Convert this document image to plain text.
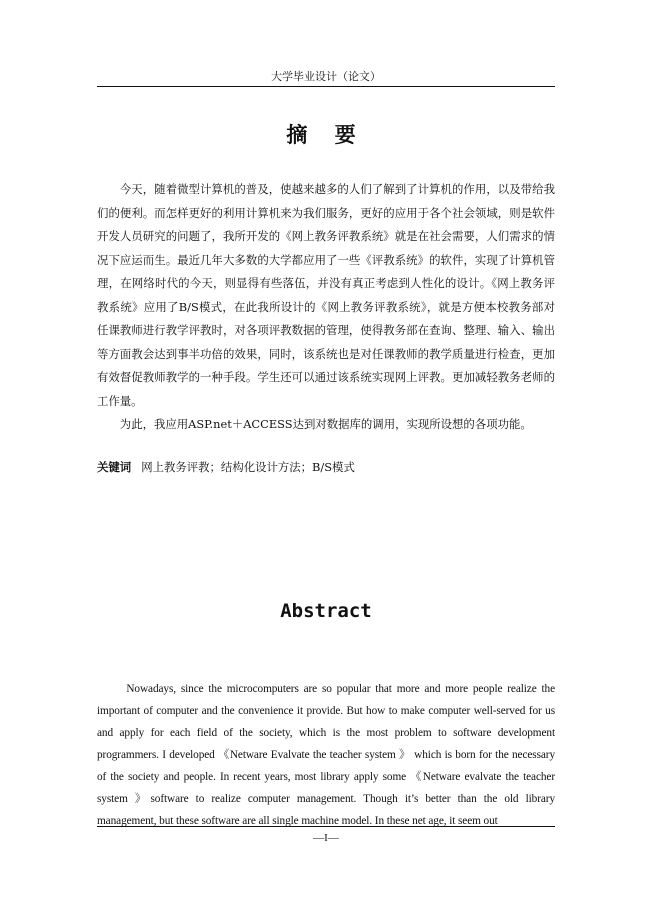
大学毕业设计（论文）
摘 要

今天，随着微型计算机的普及，使越来越多的人们了解到了计算机的作用，以及带给我们的便利。而怎样更好的利用计算机来为我们服务，更好的应用于各个社会领域，则是软件开发人员研究的问题了，我所开发的《网上教务评教系统》就是在社会需要，人们需求的情况下应运而生。最近几年大多数的大学都应用了一些《评教系统》的软件，实现了计算机管理，在网络时代的今天，则显得有些落伍，并没有真正考虑到人性化的设计。《网上教务评教系统》应用了B/S模式，在此我所设计的《网上教务评教系统》，就是方便本校教务部对任课教师进行教学评教时，对各项评教数据的管理，使得教务部在查询、整理、输入、输出等方面教会达到事半功倍的效果，同时，该系统也是对任课教师的教学质量进行检查，更加有效督促教师教学的一种手段。学生还可以通过该系统实现网上评教。更加减轻教务老师的工作量。

为此，我应用ASP.net＋ACCESS达到对数据库的调用，实现所设想的各项功能。

关键词 网上教务评教；结构化设计方法；B/S模式
Abstract

Nowadays, since the microcomputers are so popular that more and more people realize the important of computer and the convenience it provide. But how to make computer well-served for us and apply for each field of the society, which is the most problem to software development programmers. I developed 《Netware Evalvate the teacher system 》 which is born for the necessary of the society and people. In recent years, most library apply some 《Netware evalvate the teacher system 》software to realize computer management. Though it’s better than the old library management, but these software are all single machine model. In these net age, it seem out

—I—
